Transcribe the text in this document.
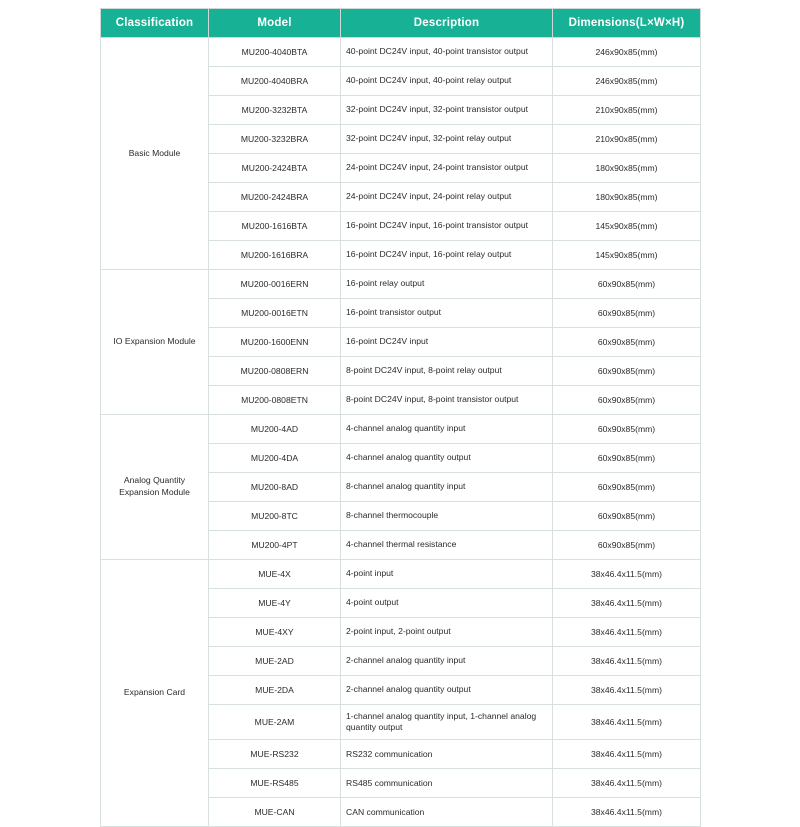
Classification	Model	Description	Dimensions(L×W×H)
Basic Module	MU200-4040BTA	40-point DC24V input, 40-point transistor output	246x90x85(mm)
	MU200-4040BRA	40-point DC24V input, 40-point relay output	246x90x85(mm)
	MU200-3232BTA	32-point DC24V input, 32-point transistor output	210x90x85(mm)
	MU200-3232BRA	32-point DC24V input, 32-point relay output	210x90x85(mm)
	MU200-2424BTA	24-point DC24V input, 24-point transistor output	180x90x85(mm)
	MU200-2424BRA	24-point DC24V input, 24-point relay output	180x90x85(mm)
	MU200-1616BTA	16-point DC24V input, 16-point transistor output	145x90x85(mm)
	MU200-1616BRA	16-point DC24V input, 16-point relay output	145x90x85(mm)
IO Expansion Module	MU200-0016ERN	16-point relay output	60x90x85(mm)
	MU200-0016ETN	16-point transistor output	60x90x85(mm)
	MU200-1600ENN	16-point DC24V input	60x90x85(mm)
	MU200-0808ERN	8-point DC24V input, 8-point relay output	60x90x85(mm)
	MU200-0808ETN	8-point DC24V input, 8-point transistor output	60x90x85(mm)
Analog Quantity Expansion Module	MU200-4AD	4-channel analog quantity input	60x90x85(mm)
	MU200-4DA	4-channel analog quantity output	60x90x85(mm)
	MU200-8AD	8-channel analog quantity input	60x90x85(mm)
	MU200-8TC	8-channel thermocouple	60x90x85(mm)
	MU200-4PT	4-channel thermal resistance	60x90x85(mm)
Expansion Card	MUE-4X	4-point input	38x46.4x11.5(mm)
	MUE-4Y	4-point output	38x46.4x11.5(mm)
	MUE-4XY	2-point input, 2-point output	38x46.4x11.5(mm)
	MUE-2AD	2-channel analog quantity input	38x46.4x11.5(mm)
	MUE-2DA	2-channel analog quantity output	38x46.4x11.5(mm)
	MUE-2AM	1-channel analog quantity input, 1-channel analog quantity output	38x46.4x11.5(mm)
	MUE-RS232	RS232 communication	38x46.4x11.5(mm)
	MUE-RS485	RS485 communication	38x46.4x11.5(mm)
	MUE-CAN	CAN communication	38x46.4x11.5(mm)
